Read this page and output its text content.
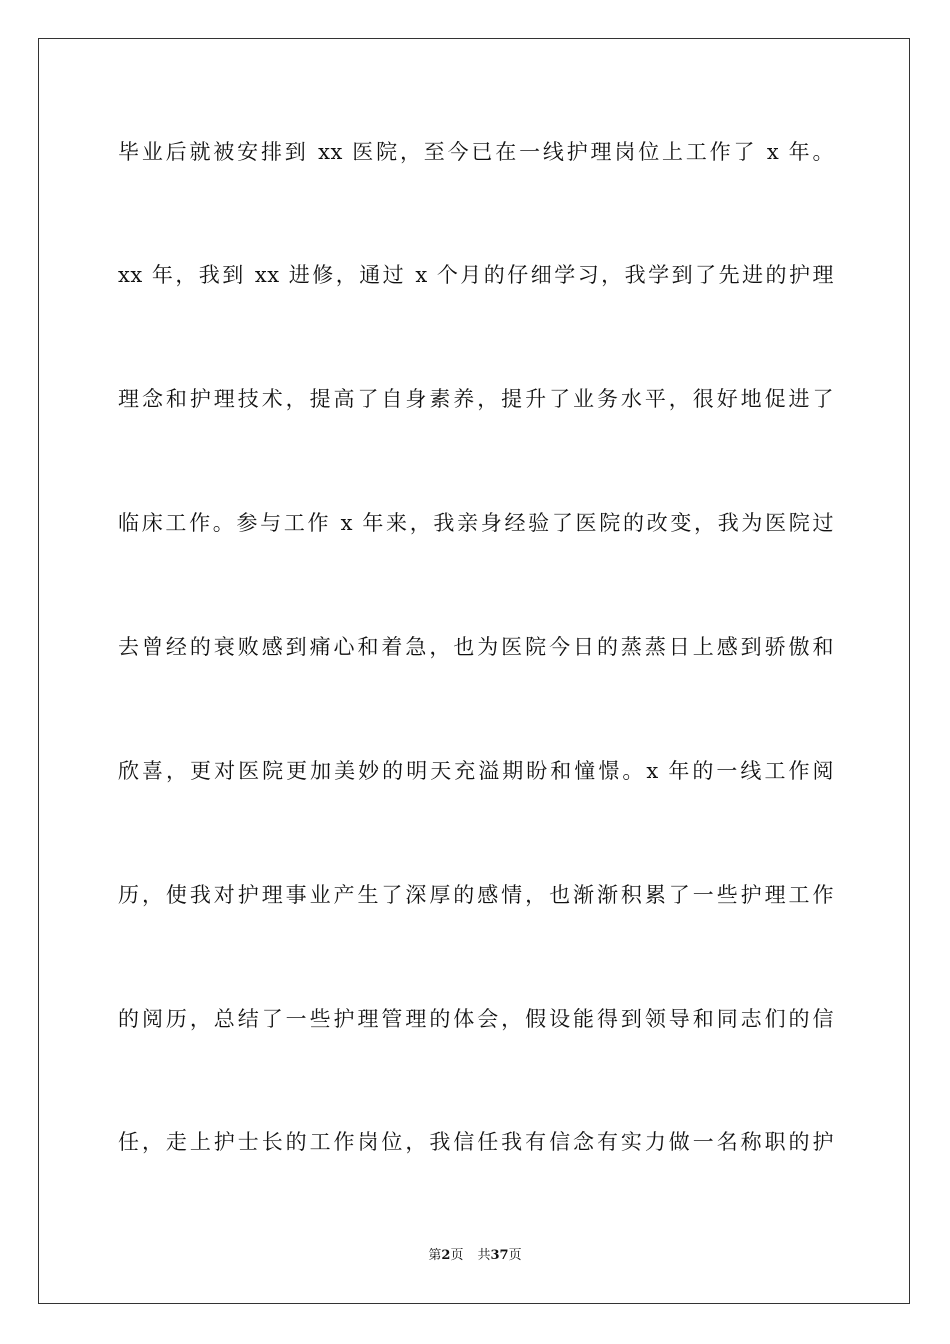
毕业后就被安排到 xx 医院，至今已在一线护理岗位上工作了 x 年。
xx 年，我到 xx 进修，通过 x 个月的仔细学习，我学到了先进的护理
理念和护理技术，提高了自身素养，提升了业务水平，很好地促进了
临床工作。参与工作 x 年来，我亲身经验了医院的改变，我为医院过
去曾经的衰败感到痛心和着急，也为医院今日的蒸蒸日上感到骄傲和
欣喜，更对医院更加美妙的明天充溢期盼和憧憬。x 年的一线工作阅
历，使我对护理事业产生了深厚的感情，也渐渐积累了一些护理工作
的阅历，总结了一些护理管理的体会，假设能得到领导和同志们的信
任，走上护士长的工作岗位，我信任我有信念有实力做一名称职的护
第2页 共37页
